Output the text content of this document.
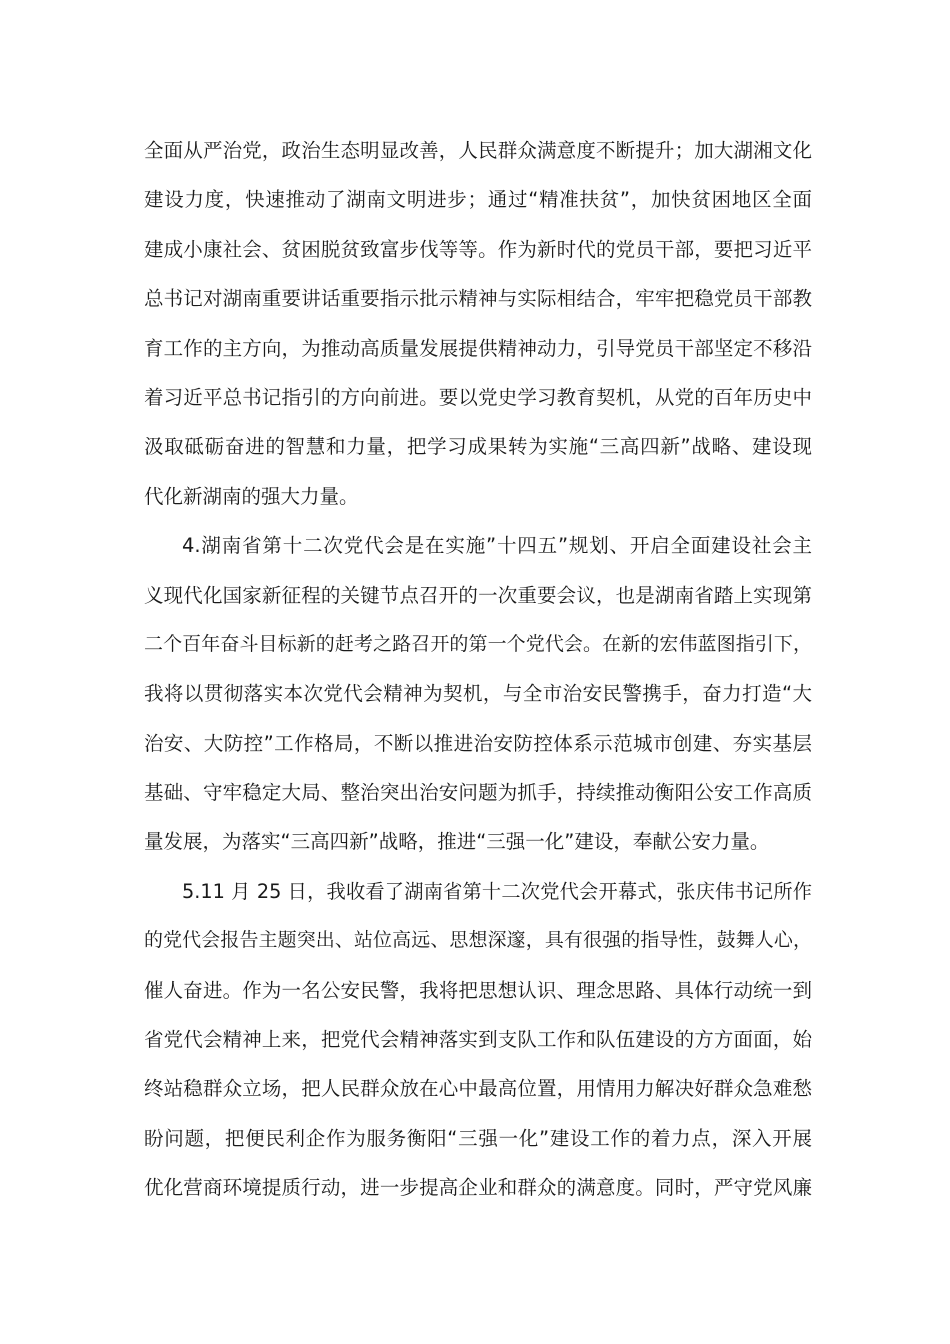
全面从严治党，政治生态明显改善，人民群众满意度不断提升；加大湖湘文化
建设力度，快速推动了湖南文明进步；通过“精准扶贫”，加快贫困地区全面
建成小康社会、贫困脱贫致富步伐等等。作为新时代的党员干部，要把习近平
总书记对湖南重要讲话重要指示批示精神与实际相结合，牢牢把稳党员干部教
育工作的主方向，为推动高质量发展提供精神动力，引导党员干部坚定不移沿
着习近平总书记指引的方向前进。要以党史学习教育契机，从党的百年历史中
汲取砥砺奋进的智慧和力量，把学习成果转为实施“三高四新”战略、建设现
代化新湖南的强大力量。
4.湖南省第十二次党代会是在实施”十四五”规划、开启全面建设社会主
义现代化国家新征程的关键节点召开的一次重要会议，也是湖南省踏上实现第
二个百年奋斗目标新的赶考之路召开的第一个党代会。在新的宏伟蓝图指引下，
我将以贯彻落实本次党代会精神为契机，与全市治安民警携手，奋力打造“大
治安、大防控”工作格局，不断以推进治安防控体系示范城市创建、夯实基层
基础、守牢稳定大局、整治突出治安问题为抓手，持续推动衡阳公安工作高质
量发展，为落实“三高四新”战略，推进“三强一化”建设，奉献公安力量。
5.11 月 25 日，我收看了湖南省第十二次党代会开幕式，张庆伟书记所作
的党代会报告主题突出、站位高远、思想深邃，具有很强的指导性，鼓舞人心，
催人奋进。作为一名公安民警，我将把思想认识、理念思路、具体行动统一到
省党代会精神上来，把党代会精神落实到支队工作和队伍建设的方方面面，始
终站稳群众立场，把人民群众放在心中最高位置，用情用力解决好群众急难愁
盼问题，把便民利企作为服务衡阳“三强一化”建设工作的着力点，深入开展
优化营商环境提质行动，进一步提高企业和群众的满意度。同时，严守党风廉
